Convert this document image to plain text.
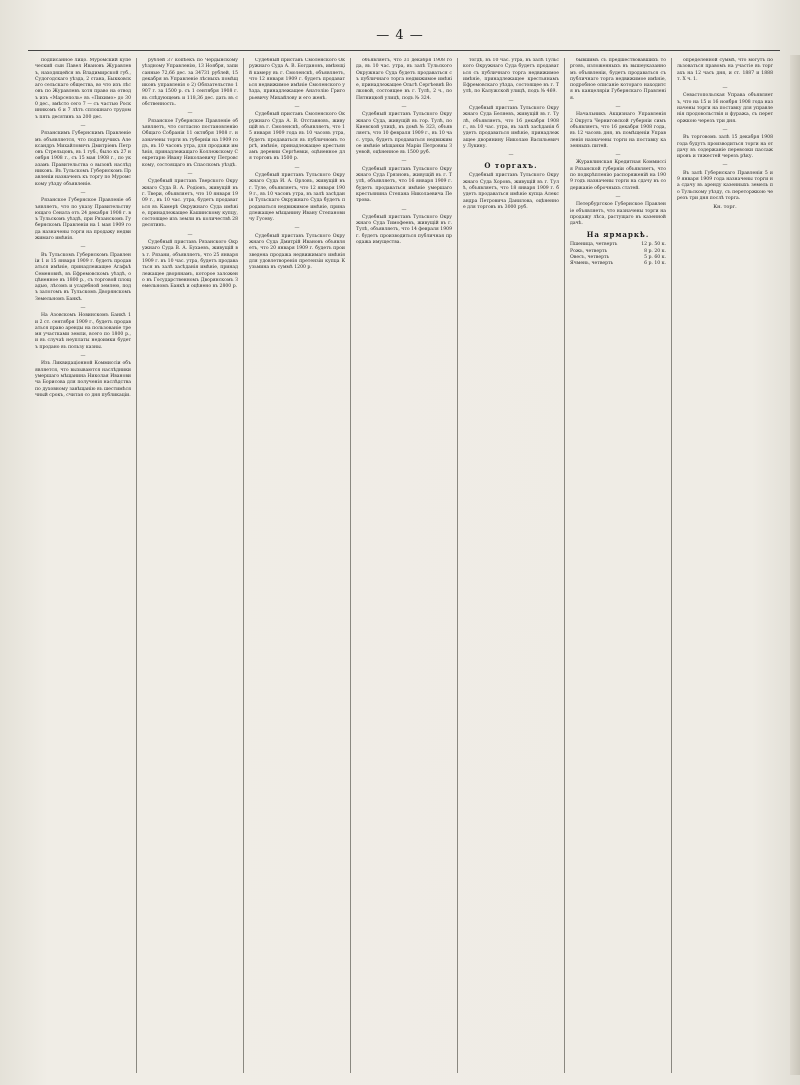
— 4 —

подписанное лицо. Муромский купеческий сын Павел Ивановъ Журавлевъ, находящейся въ Владимирской губ., Судогодскаго уѣзда, 2 стана, Быкковскаго сельскаго общества, во что изъ лѣсовъ по Журавлевъ хотя право на отводъ изъ «Марсеполь» въ «Пихимо» до 300 дес., вмѣсто сего 7 — съ частью Роскиннкомъ 6 и 7 лѣтъ сплошнаго трудомъ пять десятинъ за 200 дес.

—

Рязанскимъ Губернскимъ Правленіемъ объявляется, что подпоручикъ Александръ Михайловичъ Дмитріевъ Петровъ Стрельцовъ, въ 1 губ., было къ 27 ноября 1908 г., съ 15 мая 1908 г., по указамъ Правительства о вызовѣ наслѣдниковъ. Въ Тульскомъ Губернскомъ Правленіи назначенъ къ торгу по Муромскому уѣзду объявленіе.

—

Рязанское Губернское Правленіе объявляетъ, что по указу Правительствующаго Сената отъ 24 декабря 1908 г. въ Тульскомъ уѣздѣ, при Рязанскомъ Губернскомъ Правленіи на 1 мая 1909 года назначены торги на продажу недвижимаго имѣнія.

—

Въ Тульскомъ Губернскомъ Правленіи 1 и 15 января 1909 г. будетъ продаваться имѣніе, принадлежащее Агафьѣ Семеновнѣ, въ Ефремовскомъ уѣздѣ, оцѣненное въ 1800 р., съ торговой площадью, лѣсомъ и усадебной землею, подъ залогомъ въ Тульскомъ Дворянскомъ Земельномъ Банкѣ.

—

На Азовскомъ Новинскомъ Банкѣ 1 и 2 ст. сентября 1909 г., будетъ продаваться право аренды на пользованіе тремя участками земли, всего по 1800 р., и въ случаѣ неуплаты недоимки будетъ продано въ пользу казны.

—

Изъ Ликвидаціонной Коммиссіи объявляется, что вызываются наслѣдники умершаго мѣщанина Николая Ивановича Борисова для полученія наслѣдства по духовному завѣщанію въ шестимѣсячный срокъ, считая со дня публикаціи.

рублей 37 копѣекъ по Чердынскому уѣздному Управленію, 13 Ноября, записанные 72,66 дес. за 34731 рублей, 15 декабря въ Управленіе лѣсныхъ помѣщиковъ управленія о 2) Обязательство 1907 г. за 1500 р. съ 1 сентября 1908 г. въ слѣдующемъ и 118,36 дес. дать въ собственность.

—

Рязанское Губернское Правленіе объявляетъ, что согласно постановленію Общаго Собранія 11 октября 1908 г. назначены торги въ губерніи на 1909 годъ, въ 10 часовъ утра, для продажи имѣнія, принадлежащаго Коллежскому Секретарю Ивану Николаевичу Петровскому, состоящаго въ Спасскомъ уѣздѣ.

—

Судебный приставъ Тверского Окружнаго Суда В. А. Родіонъ, живущій въ г. Твери, объявляетъ, что 10 января 1909 г., въ 10 час. утра, будетъ продаваться въ Камерѣ Окружнаго Суда имѣніе, принадлежащее Кашинскому купцу, состоящее изъ земли въ количествѣ 28 десятинъ.

—

Судебный приставъ Рязанского Окружнаго Суда В. А. Бухаевъ, живущій въ г. Рязани, объявляетъ, что 25 января 1909 г. въ 10 час. утра, будетъ продаваться въ залѣ засѣданія имѣніе, принадлежащее дворянамъ, которое заложено въ Государственномъ Дворянскомъ Земельномъ Банкѣ и оцѣнено въ 2800 р.

Судебный приставъ Смоленского Окружнаго Суда А. В. Богдановъ, имѣющій камеру въ г. Смоленскѣ, объявляетъ, что 12 января 1909 г. будетъ продаваться недвижимое имѣніе Смоленского уѣзда, принадлежащее Анатолію Григорьевичу Михайлову и его женѣ.

—

Судебный приставъ Смоленского Окружнаго Суда А. В. Отставновъ, живущій въ г. Смоленскѣ, объявляетъ, что 15 января 1909 года въ 10 часовъ утра, будетъ продаваться въ публичномъ торгѣ, имѣніе, принадлежащее крестьянамъ деревни Сергѣевки, оцѣненное для торговъ въ 1500 р.

—

Судебный приставъ Тульского Окружнаго Суда И. А. Орловъ, живущій въ г. Туле, объявляетъ, что 12 января 1909 г., въ 10 часовъ утра, въ залѣ засѣданія Тульскаго Окружнаго Суда будетъ продаваться недвижимое имѣніе, принадлежащее мѣщанину Ивану Степановичу Гусеву.

—

Судебный приставъ Тульского Окружнаго Суда Дмитрій Ивановъ объявляетъ, что 20 января 1909 г. будетъ произведена продажа недвижимаго имѣнія для удовлетворенія претензіи купца Кузьмина въ суммѣ 1200 р.

объявляетъ, что 31 декабря 1908 года, въ 10 час. утра, въ залѣ Тульского Окружнаго Суда будетъ продаваться съ публичнаго торга недвижимое имѣніе, принадлежащее Ольгѣ Сергѣевнѣ Волковой, состоящее въ г. Тулѣ, 2 ч., по Пятницкой улицѣ, подъ № 324.

—

Судебный приставъ Тульского Окружнаго Суда, живущій въ гор. Тулѣ, по Киевской улицѣ, въ домѣ № 323, объявляетъ, что 10 февраля 1909 г., въ 10 час. утра, будетъ продаваться недвижимое имѣніе мѣщанки Маріи Петровны Зуевой, оцѣненное въ 1500 руб.

—

Судебный приставъ Тульского Окружнаго Суда Грязновъ, живущій въ г. Тулѣ, объявляетъ, что 16 января 1909 г. будетъ продаваться имѣніе умершаго крестьянина Степана Николаевича Петрова.

—

Судебный приставъ Тульского Окружнаго Суда Тимофеевъ, живущій въ г. Тулѣ, объявляетъ, что 14 февраля 1909 г. будетъ производиться публичная продажа имущества.

тогдѣ, въ 10 час. утра, въ залѣ Тульского Окружнаго Суда будетъ продаваться съ публичнаго торга недвижимое имѣніе, принадлежащее крестьянамъ Ефремовскаго уѣзда, состоящее въ г. Тулѣ, по Калужской улицѣ, подъ № 469.

—

Судебный приставъ Тульского Окружнаго Суда Беляевъ, живущій въ г. Тулѣ, объявляетъ, что 16 декабря 1908 г., въ 10 час. утра, въ залѣ засѣданія будетъ продаваться имѣніе, принадлежащее дворянину Николаю Васильевичу Лукину.

—
О торгахъ.

Судебный приставъ Тульского Окружнаго Суда Хоровъ, живущій въ г. Тулѣ, объявляетъ, что 18 января 1909 г. будетъ продаваться имѣніе купца Александра Петровича Данилова, оцѣненное для торговъ въ 3000 руб.

бывшимъ съ предшествовавшихъ торговъ, изложенныхъ въ вышеуказанномъ объявленіи, будетъ продаваться съ публичнаго торга недвижимое имѣніе, подробное описаніе котораго находится въ канцеляріи Губернскаго Правленія.

—

Начальникъ Акцизнаго Управленія 2 Округа Черниговской губерніи симъ объявляетъ, что 16 декабря 1908 года, въ 12 часовъ дня, въ помѣщеніи Управленія назначены торги на поставку казенныхъ питей.

—

Журавлинская Кредитная Коммиссія Рязанской губерніи объявляетъ, что по подкрѣпленію распоряженій на 1909 годъ назначены торги на сдачу въ содержаніе оброчныхъ статей.

—

Петербургское Губернское Правленіе объявляетъ, что назначены торги на продажу лѣса, растущаго въ казенной дачѣ.

На ярмаркѣ.
Пшеница, четверть	12 р. 50 к.
Рожь, четверть	8 р. 20 к.
Овесъ, четверть	5 р. 60 к.
Ячмень, четверть	6 р. 10 к.

определенной суммѣ, что могутъ пользоваться правомъ на участіе въ торгахъ на 12 часъ дня, и ст. 1887 и 1888 т. X ч. 1.

—

Севастопольская Управа объявляетъ, что на 15 и 16 ноября 1908 года назначены торги на поставку для управленія продовольствія и фуража, съ переторжкою черезъ три дня.

—

Въ торговомъ залѣ 15 декабря 1908 года будутъ производиться торги на отдачу въ содержаніе перевозки пассажировъ и тяжестей черезъ рѣку.

—

Въ залѣ Губернскаго Правленія 5 и 9 января 1909 года назначены торги на сдачу въ аренду казенныхъ земель по Тульскому уѣзду, съ переторжкою черезъ три дня послѣ торга.

Кн. торг.
